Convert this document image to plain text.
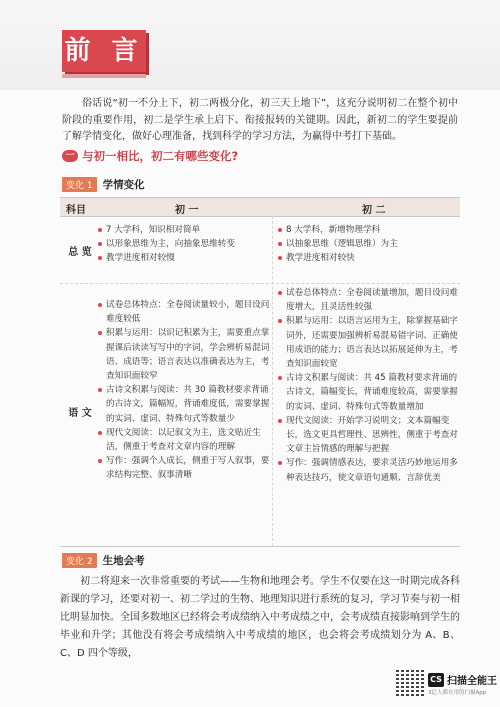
前 言

俗话说“初一不分上下，初二两极分化，初三天上地下”，这充分说明初二在整个初中阶段的重要作用，初二是学生承上启下、衔接报转的关键期。因此，新初二的学生要提前了解学情变化，做好心理准备，找到科学的学习方法，为赢得中考打下基础。

一 与初一相比，初二有哪些变化?
变化 1 学情变化
科目	初 一	初 二
总 览
7 大学科，知识相对简单
以形象思维为主，向抽象思维转变
教学进度相对较慢
8 大学科，新增物理学科
以抽象思维（逻辑思维）为主
教学进度相对较快
语 文
试卷总体特点：全卷阅读量较小，题目设问难度较低
积累与运用：以识记积累为主，需要重点掌握课后读读写写中的字词，学会辨析易混词语、成语等；语言表达以准确表达为主，考查知识面较窄
古诗文积累与阅读：共 30 篇教材要求背诵的古诗文，篇幅短，背诵难度低，需要掌握的实词、虚词、特殊句式等数量少
现代文阅读：以记叙文为主，选文贴近生活，侧重于考查对文章内容的理解
写作：强调个人成长，侧重于写人叙事，要求结构完整、叙事清晰
试卷总体特点：全卷阅读量增加，题目设问难度增大，且灵活性较强
积累与运用：以语言运用为主，除掌握基础字词外，还需要加强辨析易混易错字词、正确使用成语的能力；语言表达以拓展延伸为主，考查知识面较宽
古诗文积累与阅读：共 45 篇教材要求背诵的古诗文，篇幅变长，背诵难度较高，需要掌握的实词、虚词、特殊句式等数量增加
现代文阅读：开始学习说明文；文本篇幅变长，选文更具哲理性、思辨性，侧重于考查对文章主旨情感的理解与把握
写作：强调情感表达，要求灵活巧妙地运用多种表达技巧，使文章语句通顺、言辞优美
变化 2 生地会考

初二将迎来一次非常重要的考试——生物和地理会考。学生不仅要在这一时期完成各科新课的学习，还要对初一、初二学过的生物、地理知识进行系统的复习，学习节奏与初一相比明显加快。全国多数地区已经将会考成绩纳入中考成绩之中，会考成绩直接影响到学生的毕业和升学；其他没有将会考成绩纳入中考成绩的地区，也会将会考成绩划分为 A、B、C、D 四个等级，

CS 扫描全能王
3亿人都在用的扫描App
